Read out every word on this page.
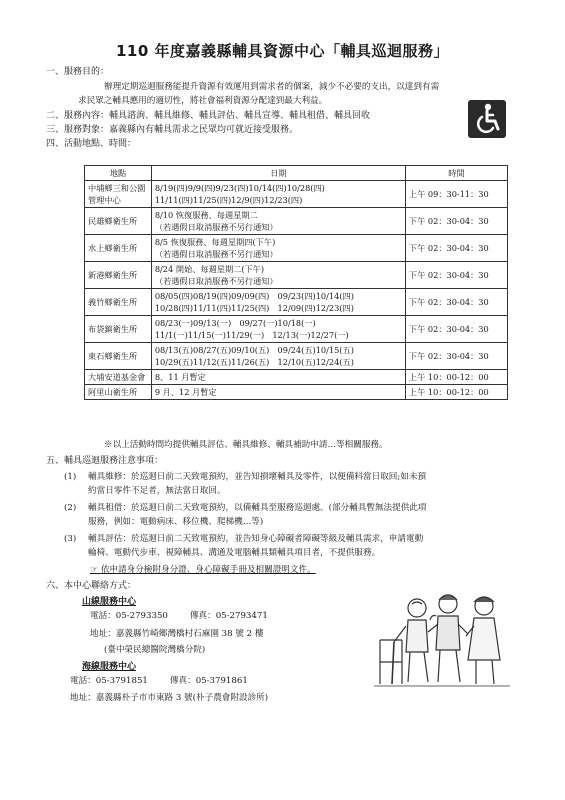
110 年度嘉義縣輔具資源中心「輔具巡迴服務」
一、服務目的：
辦理定期巡迴服務能提升資源有效運用到需求者的個案，減少不必要的支出，以達到有需
求民眾之輔具應用的適切性，將社會福利資源分配達到最大利益。
二、服務內容：輔具諮詢、輔具維修、輔具評估、輔具宣導、輔具租借、輔具回收
三、服務對象：嘉義縣內有輔具需求之民眾均可就近接受服務。
四、活動地點、時間：
地點	日期	時間
中埔鄉三和公園
管理中心	8/19(四)9/9(四)9/23(四)10/14(四)10/28(四)
11/11(四)11/25(四)12/9(四)12/23(四)	上午 09：30-11：30
民雄鄉衛生所	8/10 恢復服務、每週星期二
（若遇假日取消服務不另行通知）	下午 02：30-04：30
水上鄉衛生所	8/5 恢復服務、每週星期四(下午)
（若遇假日取消服務不另行通知）	下午 02：30-04：30
新港鄉衛生所	8/24 開始、每週星期二(下午)
（若遇假日取消服務不另行通知）	下午 02：30-04：30
義竹鄉衛生所	08/05(四)08/19(四)09/09(四)　09/23(四)10/14(四)
10/28(四)11/11(四)11/25(四)　12/09(四)12/23(四)	下午 02：30-04：30
布袋鎮衛生所	08/23(一)09/13(一)　09/27(一)10/18(一)
11/1(一)11/15(一)11/29(一)　12/13(一)12/27(一)	下午 02：30-04：30
東石鄉衛生所	08/13(五)08/27(五)09/10(五)　09/24(五)10/15(五)
10/29(五)11/12(五)11/26(五)　12/10(五)12/24(五)	下午 02：30-04：30
大埔安道基金會	8、11 月暫定	上午 10：00-12：00
阿里山衛生所	9 月、12 月暫定	上午 10：00-12：00
※以上活動時間均提供輔具評估、輔具維修、輔具補助申請…等相關服務。
五、輔具巡迴服務注意事項：
(1) 輔具維修：於巡迴日前二天致電預約，並告知損壞輔具及零件，以便備料當日取回;如未預
約當日零件不足者，無法當日取回。
(2) 輔具租借：於巡迴日前二天致電預約，以備輔具至服務巡迴處。(部分輔具暫無法提供此項
服務，例如：電動病床、移位機、爬梯機…等)
(3) 輔具評估：於巡迴日前二天致電預約，並告知身心障礙者障礙等級及輔具需求，申請電動
輪椅、電動代步車、視障輔具、溝通及電腦輔具類輔具項目者，不提供服務。
☞ 依申請身分檢附身分證、身心障礙手冊及相關證明文件。
六、本中心聯絡方式：
山線服務中心
電話：05-2793350	傳真：05-2793471
地址：嘉義縣竹崎鄉灣橋村石麻園 38 號 2 樓
(臺中榮民總醫院灣橋分院)
海線服務中心
電話：05-3791851	傳真：05-3791861
地址：嘉義縣朴子市市東路 3 號(朴子農會附設診所)
